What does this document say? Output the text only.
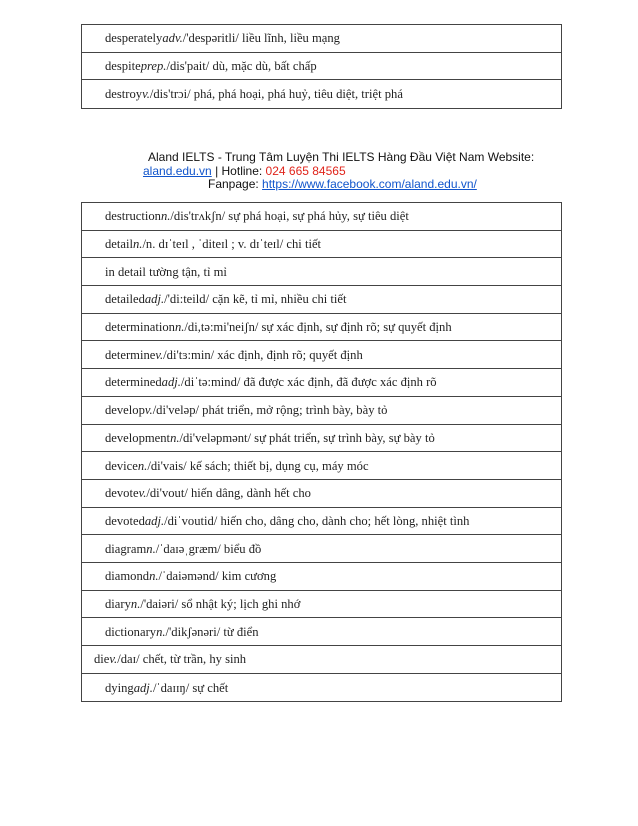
desperately adv. /'despəritli/ liều lĩnh, liều mạng
despite prep. /dis'pait/ dù, mặc dù, bất chấp
destroy v. /dis'trɔi/ phá, phá hoại, phá huỷ, tiêu diệt, triệt phá
Aland IELTS - Trung Tâm Luyện Thi IELTS Hàng Đầu Việt Nam Website:
aland.edu.vn | Hotline: 024 665 84565
Fanpage: https://www.facebook.com/aland.edu.vn/
destruction n. /dis'trʌkʃn/ sự phá hoại, sự phá hủy, sự tiêu diệt
detail n. /n. dɪˈteɪl , ˈditeɪl ; v. dɪˈteɪl/ chi tiết
in detail tường tận, tỉ mỉ
detailed adj. /'di:teild/ cặn kẽ, tỉ mỉ, nhiều chi tiết
determination n. /di,tə:mi'neiʃn/ sự xác định, sự định rõ; sự quyết định
determine v. /di'tɜ:min/ xác định, định rõ; quyết định
determined adj. /diˈtə:mind/ đã được xác định, đã được xác định rõ
develop v. /di'veləp/ phát triển, mở rộng; trình bày, bày tỏ
development n. /di'veləpmənt/ sự phát triển, sự trình bày, sự bày tỏ
device n. /di'vais/ kế sách; thiết bị, dụng cụ, máy móc
devote v. /di'vout/ hiến dâng, dành hết cho
devoted adj. /diˈvoutid/ hiến cho, dâng cho, dành cho; hết lòng, nhiệt tình
diagram n. /ˈdaɪəˌgræm/ biểu đồ
diamond n. /ˈdaiəmənd/ kim cương
diary n. /'daiəri/ sổ nhật ký; lịch ghi nhớ
dictionary n. /'dikʃənəri/ từ điển
die v. /daɪ/ chết, từ trần, hy sinh
dying adj. /ˈdaɪɪŋ/ sự chết
